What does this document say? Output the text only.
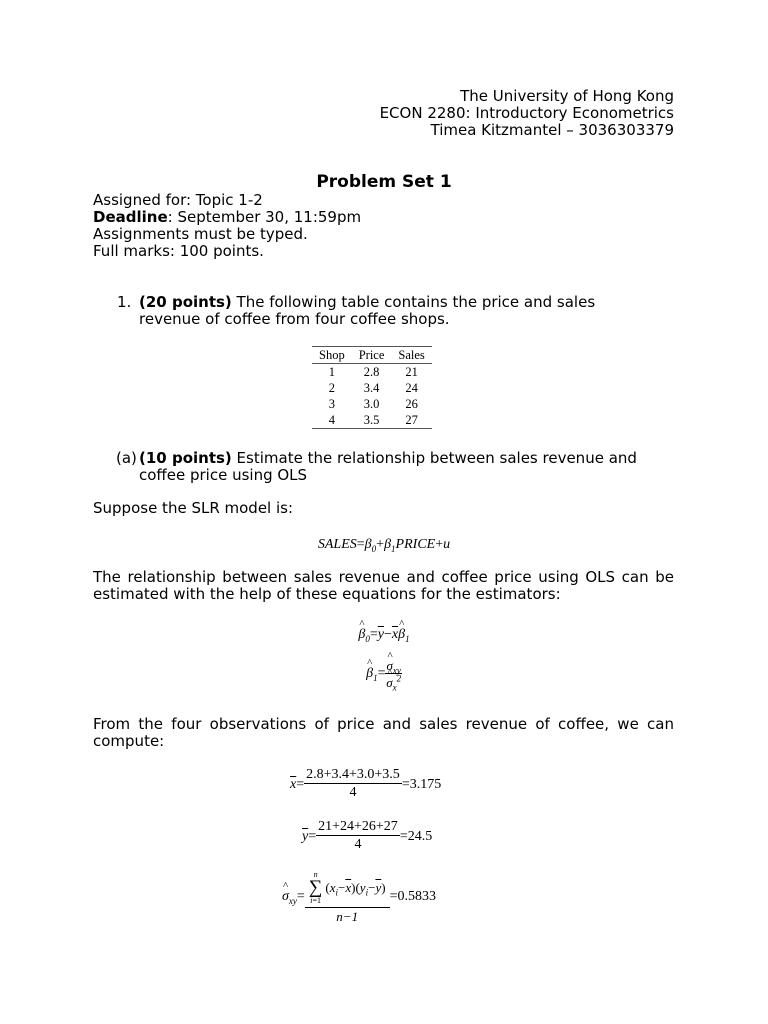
The University of Hong Kong
ECON 2280: Introductory Econometrics
Timea Kitzmantel – 3036303379
Problem Set 1
Assigned for: Topic 1-2
Deadline: September 30, 11:59pm
Assignments must be typed.
Full marks: 100 points.
1. (20 points) The following table contains the price and sales
revenue of coffee from four coffee shops.
Shop	Price	Sales
1	2.8	21
2	3.4	24
3	3.0	26
4	3.5	27
(a) (10 points) Estimate the relationship between sales revenue and
coffee price using OLS
Suppose the SLR model is:
$SALES=\beta_0+\beta_1PRICE+u$
The relationship between sales revenue and coffee price using OLS can be estimated with the help of these equations for the estimators:
^ $\beta_0=\overline{y}-\overline{x}\^{}$ $\beta_1$
^ $\beta_1=$ ^ $\sigma_{xy}$
^ $\sigma_x^2$
From the four observations of price and sales revenue of coffee, we can compute:
$\overline{x}= \frac{2.8+3.4+3.0+3.5}{4} =3.175$
$\overline{y}= \frac{21+24+26+27}{4} =24.5$
^ $\sigma_{xy}= n$
∑
i=1
$(x_i-\overline{x})(y_i-\overline{y})$
n−1 =0.5833
